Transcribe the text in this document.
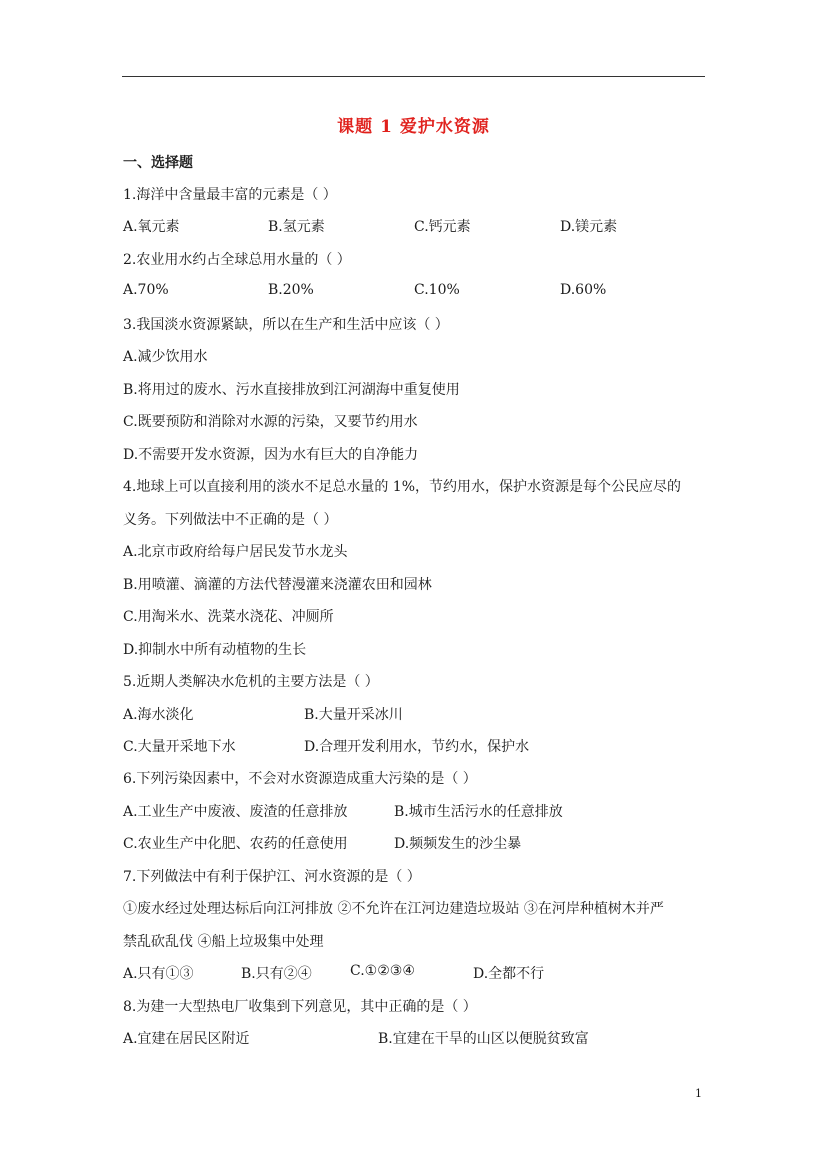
课题 1 爱护水资源
一、选择题
1.海洋中含量最丰富的元素是（ ）
A.氧元素	B.氢元素	C.钙元素	D.镁元素
2.农业用水约占全球总用水量的（ ）
A.70%	B.20%	C.10%	D.60%
3.我国淡水资源紧缺，所以在生产和生活中应该（ ）
A.减少饮用水
B.将用过的废水、污水直接排放到江河湖海中重复使用
C.既要预防和消除对水源的污染，又要节约用水
D.不需要开发水资源，因为水有巨大的自净能力
4.地球上可以直接利用的淡水不足总水量的 1%，节约用水，保护水资源是每个公民应尽的
义务。下列做法中不正确的是（ ）
A.北京市政府给每户居民发节水龙头
B.用喷灌、滴灌的方法代替漫灌来浇灌农田和园林
C.用淘米水、洗菜水浇花、冲厕所
D.抑制水中所有动植物的生长
5.近期人类解决水危机的主要方法是（ ）
A.海水淡化	B.大量开采冰川
C.大量开采地下水	D.合理开发利用水，节约水，保护水
6.下列污染因素中，不会对水资源造成重大污染的是（ ）
A.工业生产中废液、废渣的任意排放	B.城市生活污水的任意排放
C.农业生产中化肥、农药的任意使用	D.频频发生的沙尘暴
7.下列做法中有利于保护江、河水资源的是（ ）
①废水经过处理达标后向江河排放 ②不允许在江河边建造垃圾站 ③在河岸种植树木并严
禁乱砍乱伐 ④船上垃圾集中处理
A.只有①③	B.只有②④	C.①②③④	D.全都不行
8.为建一大型热电厂收集到下列意见，其中正确的是（ ）
A.宜建在居民区附近	B.宜建在干旱的山区以便脱贫致富
1
